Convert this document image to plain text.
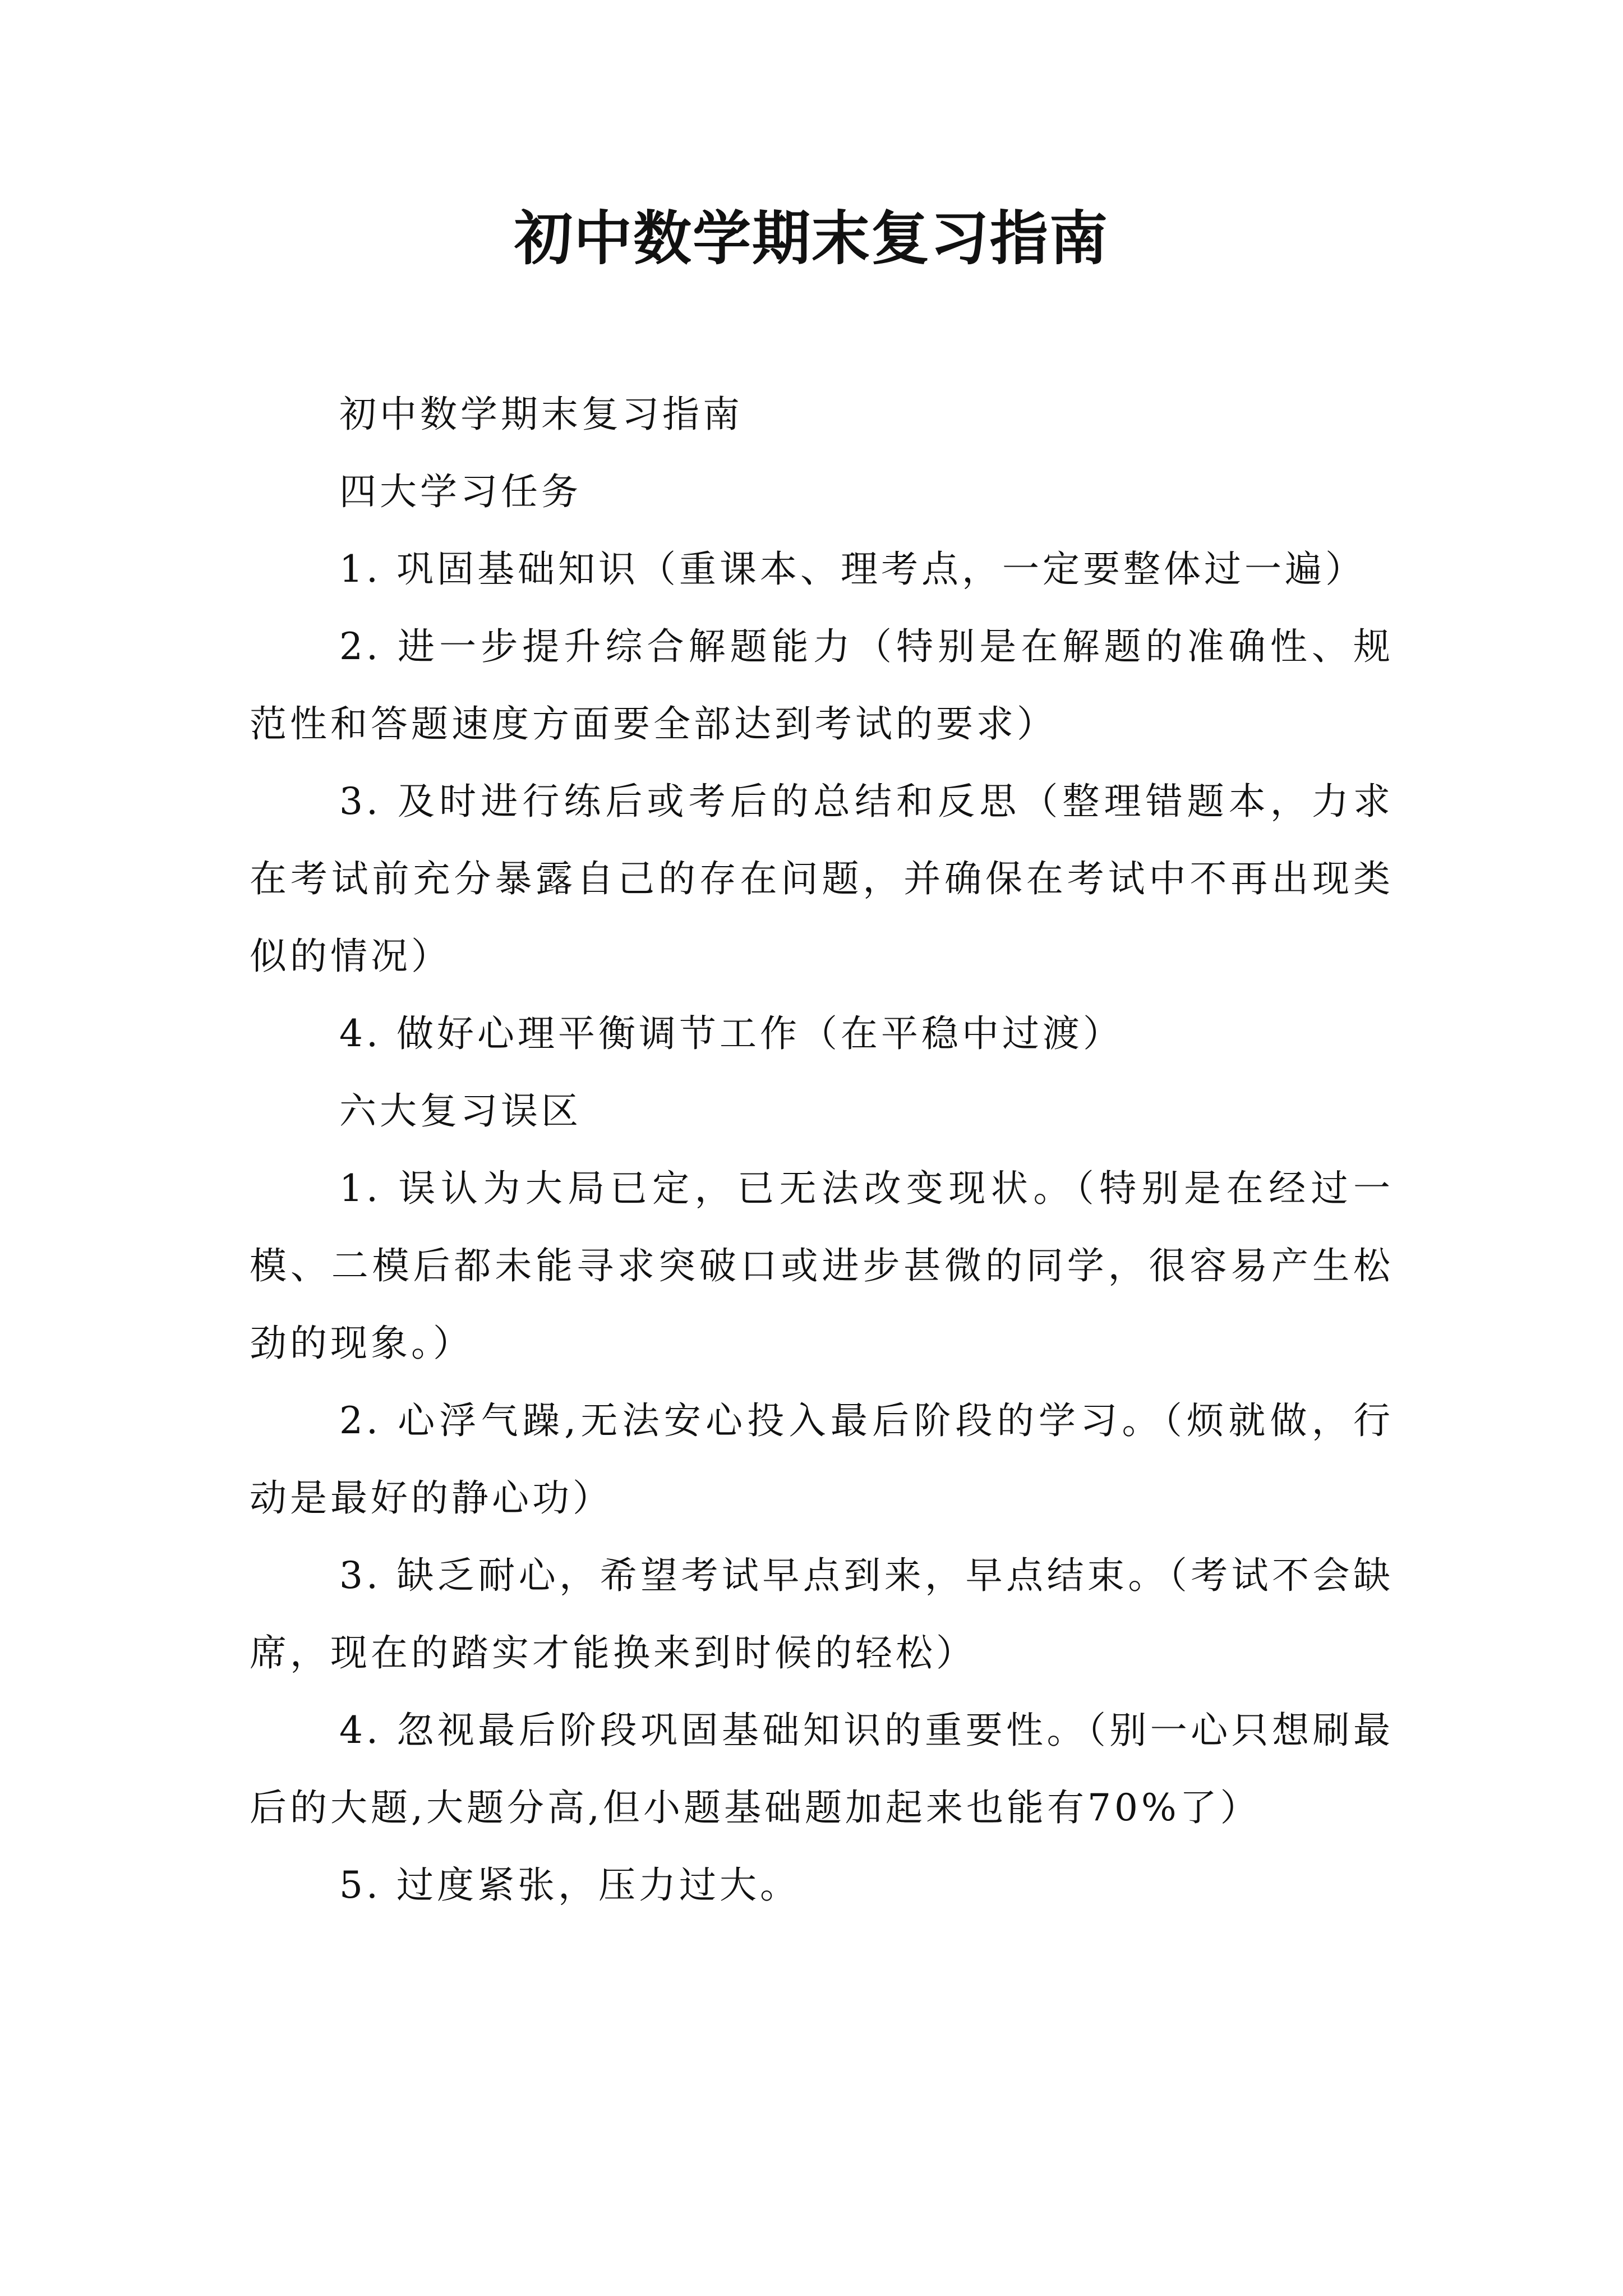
初中数学期末复习指南

初中数学期末复习指南

四大学习任务

1. 巩固基础知识（重课本、理考点，一定要整体过一遍）

2. 进一步提升综合解题能力（特别是在解题的准确性、规范性和答题速度方面要全部达到考试的要求）

3. 及时进行练后或考后的总结和反思（整理错题本，力求在考试前充分暴露自己的存在问题，并确保在考试中不再出现类似的情况）

4. 做好心理平衡调节工作（在平稳中过渡）

六大复习误区

1. 误认为大局已定，已无法改变现状。（特别是在经过一模、二模后都未能寻求突破口或进步甚微的同学，很容易产生松劲的现象。）

2. 心浮气躁,无法安心投入最后阶段的学习。（烦就做，行动是最好的静心功）

3. 缺乏耐心，希望考试早点到来，早点结束。（考试不会缺席，现在的踏实才能换来到时候的轻松）

4. 忽视最后阶段巩固基础知识的重要性。（别一心只想刷最后的大题,大题分高,但小题基础题加起来也能有70%了）

5. 过度紧张，压力过大。
